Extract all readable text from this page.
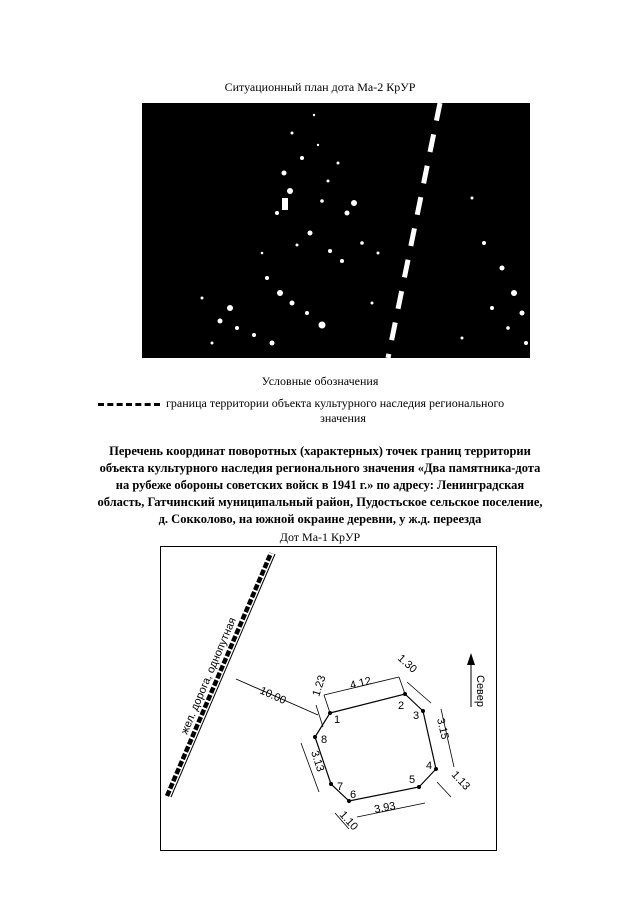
Ситуационный план дота Ма-2 КрУР
Условные обозначения
граница территории объекта культурного наследия регионального
значения
Перечень координат поворотных (характерных) точек границ территории
объекта культурного наследия регионального значения «Два памятника-дота
на рубеже обороны советских войск в 1941 г.» по адресу: Ленинградская
область, Гатчинский муниципальный район, Пудостьское сельское поселение,
д. Сокколово, на южной окраине деревни, у ж.д. переезда
Дот Ма-1 КрУР
жел. дорога, однопутная 10.00
1
2
3
4
5
6
7
8
4.12
1.23
1.30
3.15
1.13
3.93
1.10
3.13
Север
